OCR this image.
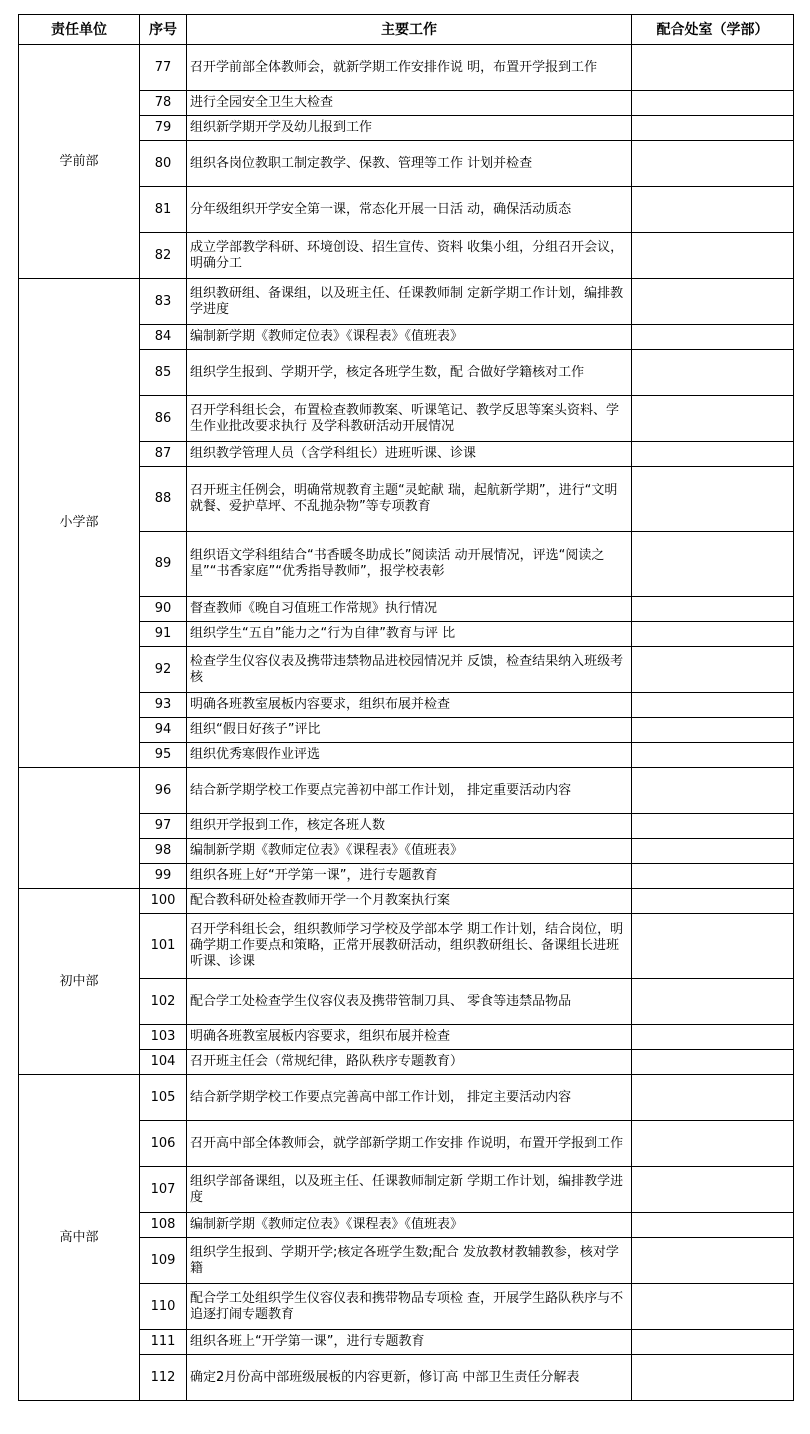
责任单位	序号	主要工作	配合处室（学部）
学前部	77	召开学前部全体教师会，就新学期工作安排作说 明，布置开学报到工作	
	78	进行全园安全卫生大检查	
	79	组织新学期开学及幼儿报到工作	
	80	组织各岗位教职工制定教学、保教、管理等工作 计划并检查	
	81	分年级组织开学安全第一课，常态化开展一日活 动，确保活动质态	
	82	成立学部教学科研、环境创设、招生宣传、资料 收集小组，分组召开会议，明确分工	
小学部	83	组织教研组、备课组，以及班主任、任课教师制 定新学期工作计划，编排教学进度	
	84	编制新学期《教师定位表》《课程表》《值班表》	
	85	组织学生报到、学期开学，核定各班学生数，配 合做好学籍核对工作	
	86	召开学科组长会，布置检查教师教案、听课笔记、教学反思等案头资料、学生作业批改要求执行 及学科教研活动开展情况	
	87	组织教学管理人员（含学科组长）进班听课、诊课	
	88	召开班主任例会，明确常规教育主题“灵蛇献 瑞，起航新学期”，进行“文明就餐、爱护草坪、不乱抛杂物”等专项教育	
	89	组织语文学科组结合“书香暖冬助成长”阅读活 动开展情况，评选“阅读之星”“书香家庭”“优秀指导教师”，报学校表彰	
	90	督查教师《晚自习值班工作常规》执行情况	
	91	组织学生“五自”能力之“行为自律”教育与评 比	
	92	检查学生仪容仪表及携带违禁物品进校园情况并 反馈，检查结果纳入班级考核	
	93	明确各班教室展板内容要求，组织布展并检查	
	94	组织“假日好孩子”评比	
	95	组织优秀寒假作业评选	
	96	结合新学期学校工作要点完善初中部工作计划， 排定重要活动内容	
	97	组织开学报到工作，核定各班人数	
	98	编制新学期《教师定位表》《课程表》《值班表》	
	99	组织各班上好“开学第一课”，进行专题教育	
初中部	100	配合教科研处检查教师开学一个月教案执行案	
	101	召开学科组长会，组织教师学习学校及学部本学 期工作计划，结合岗位，明确学期工作要点和策略，正常开展教研活动，组织教研组长、备课组长进班听课、诊课	
	102	配合学工处检查学生仪容仪表及携带管制刀具、 零食等违禁品物品	
	103	明确各班教室展板内容要求，组织布展并检查	
	104	召开班主任会（常规纪律，路队秩序专题教育）	
高中部	105	结合新学期学校工作要点完善高中部工作计划， 排定主要活动内容	
	106	召开高中部全体教师会，就学部新学期工作安排 作说明，布置开学报到工作	
	107	组织学部备课组，以及班主任、任课教师制定新 学期工作计划，编排教学进度	
	108	编制新学期《教师定位表》《课程表》《值班表》	
	109	组织学生报到、学期开学;核定各班学生数;配合 发放教材教辅教参，核对学籍	
	110	配合学工处组织学生仪容仪表和携带物品专项检 查，开展学生路队秩序与不追逐打闹专题教育	
	111	组织各班上“开学第一课”，进行专题教育	
	112	确定2月份高中部班级展板的内容更新，修订高 中部卫生责任分解表	
